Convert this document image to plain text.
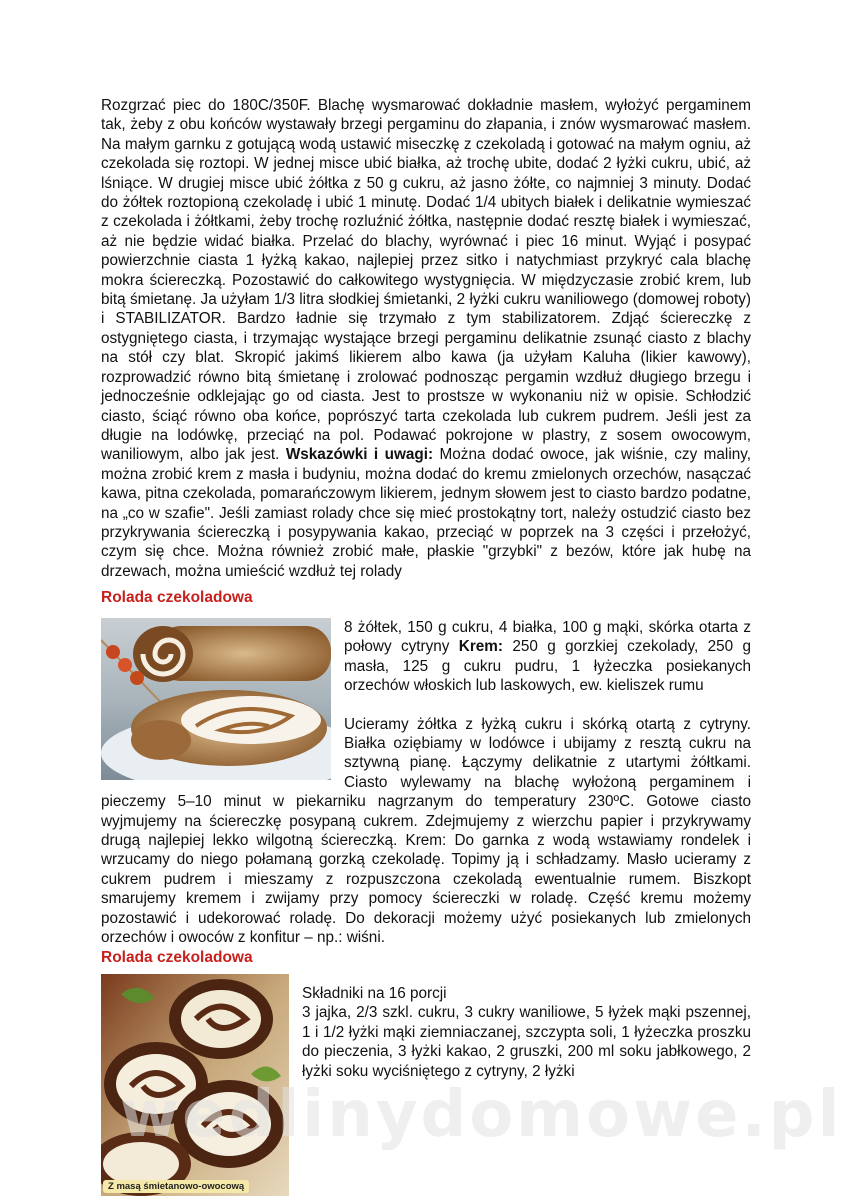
Rozgrzać piec do 180C/350F. Blachę wysmarować dokładnie masłem, wyłożyć pergaminem tak, żeby z obu końców wystawały brzegi pergaminu do złapania, i znów wysmarować masłem. Na małym garnku z gotującą wodą ustawić miseczkę z czekoladą i gotować na małym ogniu, aż czekolada się roztopi. W jednej misce ubić białka, aż trochę ubite, dodać 2 łyżki cukru, ubić, aż lśniące. W drugiej misce ubić żółtka z 50 g cukru, aż jasno żółte, co najmniej 3 minuty. Dodać do żółtek roztopioną czekoladę i ubić 1 minutę. Dodać 1/4 ubitych białek i delikatnie wymieszać z czekolada i żółtkami, żeby trochę rozluźnić żółtka, następnie dodać resztę białek i wymieszać, aż nie będzie widać białka. Przelać do blachy, wyrównać i piec 16 minut. Wyjąć i posypać powierzchnie ciasta 1 łyżką kakao, najlepiej przez sitko i natychmiast przykryć cala blachę mokra ściereczką. Pozostawić do całkowitego wystygnięcia. W międzyczasie zrobić krem, lub bitą śmietanę. Ja użyłam 1/3 litra słodkiej śmietanki, 2 łyżki cukru waniliowego (domowej roboty) i STABILIZATOR. Bardzo ładnie się trzymało z tym stabilizatorem. Zdjąć ściereczkę z ostygniętego ciasta, i trzymając wystające brzegi pergaminu delikatnie zsunąć ciasto z blachy na stół czy blat. Skropić jakimś likierem albo kawa (ja użyłam Kaluha (likier kawowy), rozprowadzić równo bitą śmietanę i zrolować podnosząc pergamin wzdłuż długiego brzegu i jednocześnie odklejając go od ciasta. Jest to prostsze w wykonaniu niż w opisie. Schłodzić ciasto, ściąć równo oba końce, poprószyć tarta czekolada lub cukrem pudrem. Jeśli jest za długie na lodówkę, przeciąć na pol. Podawać pokrojone w plastry, z sosem owocowym, waniliowym, albo jak jest. Wskazówki i uwagi: Można dodać owoce, jak wiśnie, czy maliny, można zrobić krem z masła i budyniu, można dodać do kremu zmielonych orzechów, nasączać kawa, pitna czekolada, pomarańczowym likierem, jednym słowem jest to ciasto bardzo podatne, na „co w szafie". Jeśli zamiast rolady chce się mieć prostokątny tort, należy ostudzić ciasto bez przykrywania ściereczką i posypywania kakao, przeciąć w poprzek na 3 części i przełożyć, czym się chce. Można również zrobić małe, płaskie "grzybki" z bezów, które jak hubę na drzewach, można umieścić wzdłuż tej rolady

Rolada czekoladowa

8 żółtek, 150 g cukru, 4 białka, 100 g mąki, skórka otarta z połowy cytryny Krem: 250 g gorzkiej czekolady, 250 g masła, 125 g cukru pudru, 1 łyżeczka posiekanych orzechów włoskich lub laskowych, ew. kieliszek rumu

Ucieramy żółtka z łyżką cukru i skórką otartą z cytryny. Białka oziębiamy w lodówce i ubijamy z resztą cukru na sztywną pianę. Łączymy delikatnie z utartymi żółtkami. Ciasto wylewamy na blachę wyłożoną pergaminem i pieczemy 5–10 minut w piekarniku nagrzanym do temperatury 230ºC. Gotowe ciasto wyjmujemy na ściereczkę posypaną cukrem. Zdejmujemy z wierzchu papier i przykrywamy drugą najlepiej lekko wilgotną ściereczką. Krem: Do garnka z wodą wstawiamy rondelek i wrzucamy do niego połamaną gorzką czekoladę. Topimy ją i schładzamy. Masło ucieramy z cukrem pudrem i mieszamy z rozpuszczona czekoladą ewentualnie rumem. Biszkopt smarujemy kremem i zwijamy przy pomocy ściereczki w roladę. Część kremu możemy pozostawić i udekorować roladę. Do dekoracji możemy użyć posiekanych lub zmielonych orzechów i owoców z konfitur – np.: wiśni.

Rolada czekoladowa
Z masą śmietanowo-owocową

Składniki na 16 porcji

3 jajka, 2/3 szkl. cukru, 3 cukry waniliowe, 5 łyżek mąki pszennej, 1 i 1/2 łyżki mąki ziemniaczanej, szczypta soli, 1 łyżeczka proszku do pieczenia, 3 łyżki kakao, 2 gruszki, 200 ml soku jabłkowego, 2 łyżki soku wyciśniętego z cytryny, 2 łyżki

wedlinydomowe.pl
